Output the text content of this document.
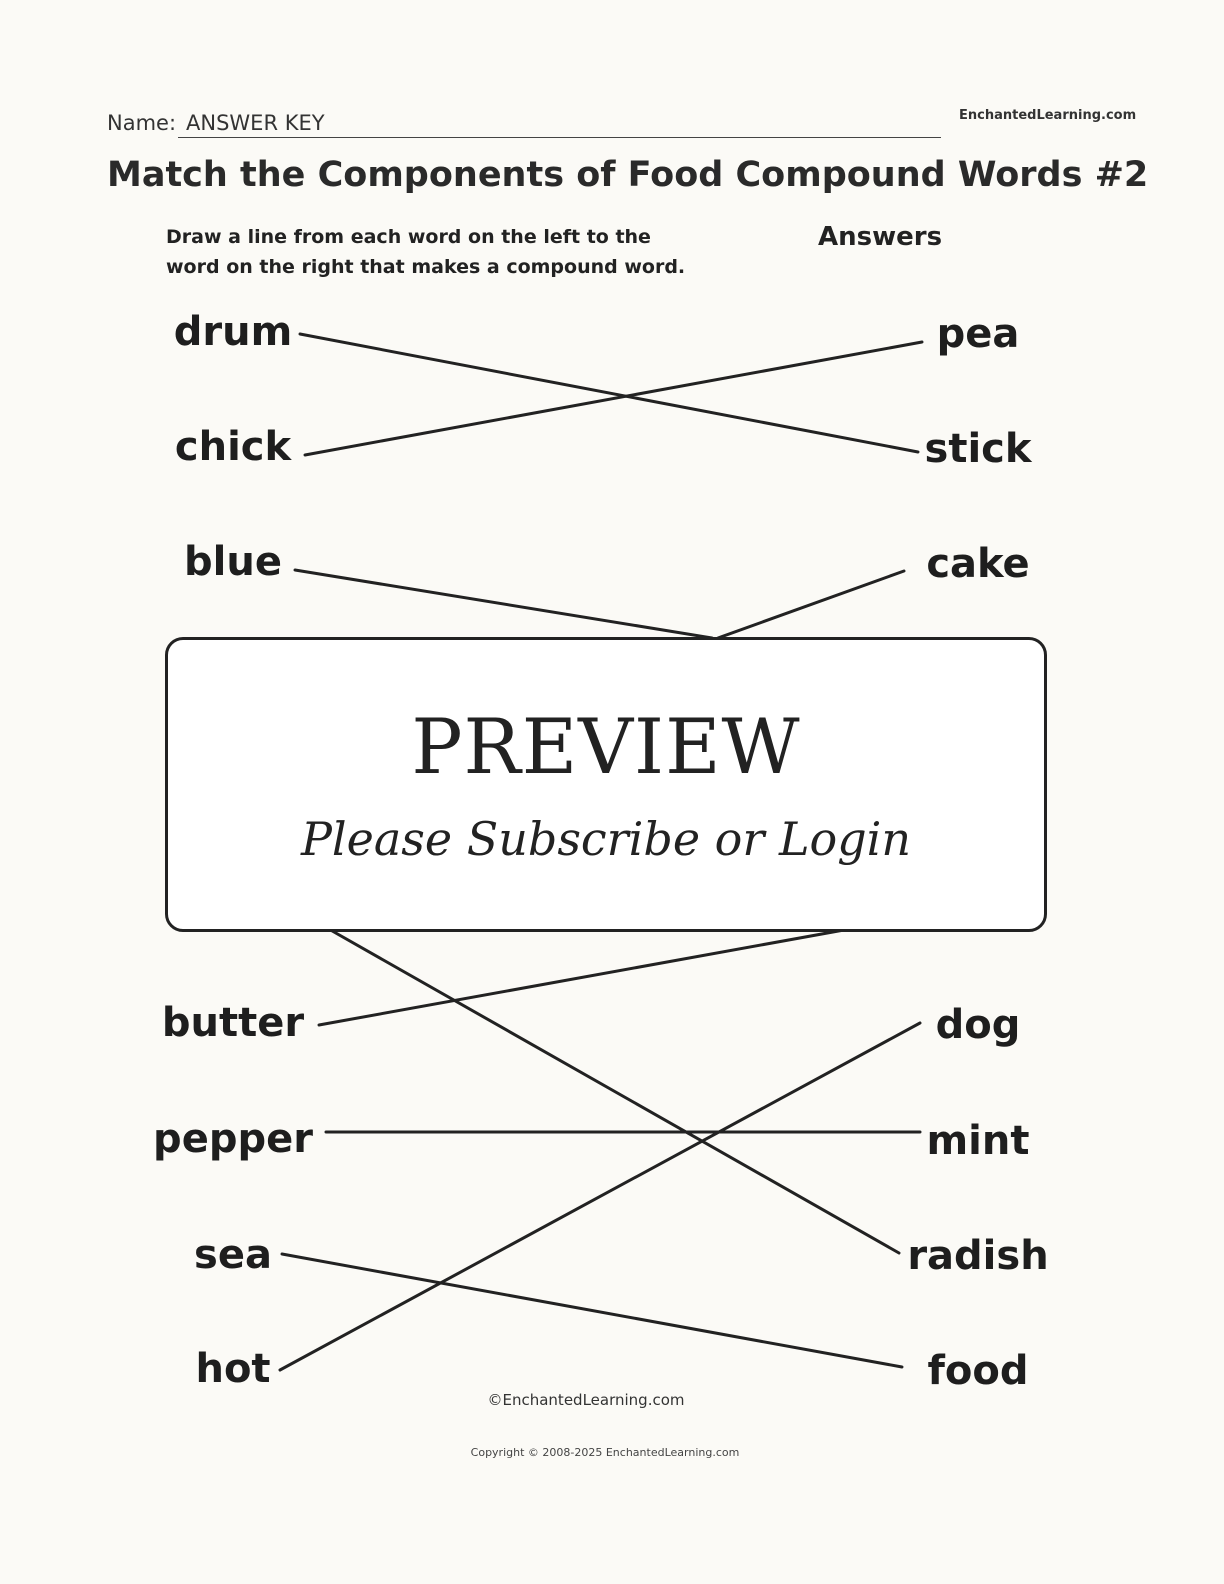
Name: ANSWER KEY	EnchantedLearning.com
Match the Components of Food Compound Words #2
Draw a line from each word on the left to the
word on the right that makes a compound word.
Answers
drum
chick
blue
butter
pepper
sea
hot
pea
stick
cake
dog
mint
radish
food
PREVIEW
Please Subscribe or Login
©EnchantedLearning.com
Copyright © 2008-2025 EnchantedLearning.com
